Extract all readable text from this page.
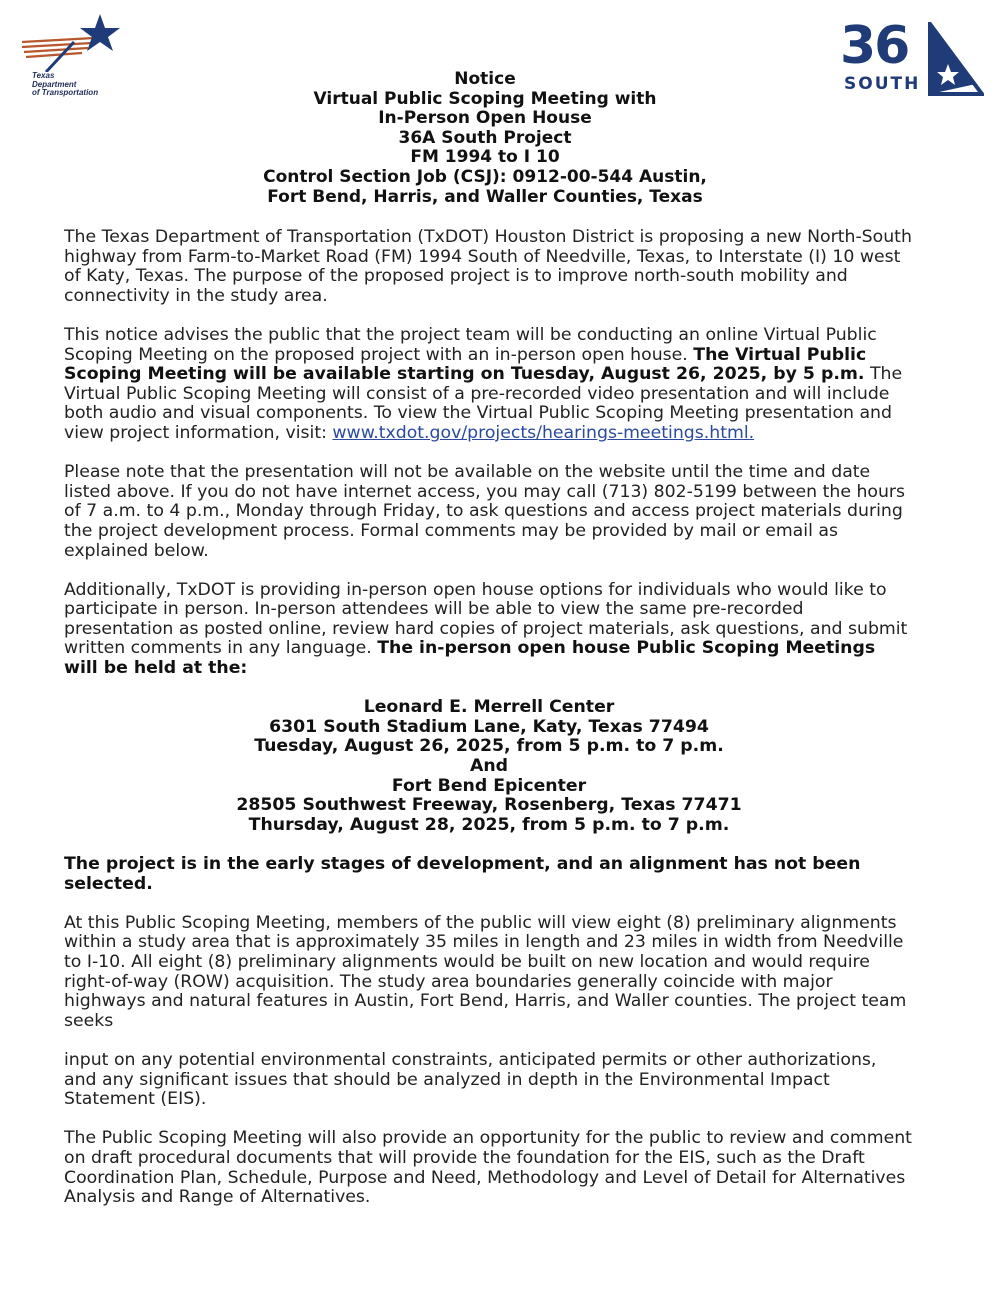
Texas
Department
of Transportation
36
SOUTH
Notice
Virtual Public Scoping Meeting with
In-Person Open House
36A South Project
FM 1994 to I 10
Control Section Job (CSJ): 0912-00-544 Austin,
Fort Bend, Harris, and Waller Counties, Texas

The Texas Department of Transportation (TxDOT) Houston District is proposing a new North-South highway from Farm-to-Market Road (FM) 1994 South of Needville, Texas, to Interstate (I) 10 west of Katy, Texas. The purpose of the proposed project is to improve north-south mobility and connectivity in the study area.

This notice advises the public that the project team will be conducting an online Virtual Public Scoping Meeting on the proposed project with an in-person open house. The Virtual Public Scoping Meeting will be available starting on Tuesday, August 26, 2025, by 5 p.m. The Virtual Public Scoping Meeting will consist of a pre-recorded video presentation and will include both audio and visual components. To view the Virtual Public Scoping Meeting presentation and view project information, visit: www.txdot.gov/projects/hearings-meetings.html.

Please note that the presentation will not be available on the website until the time and date listed above. If you do not have internet access, you may call (713) 802-5199 between the hours of 7 a.m. to 4 p.m., Monday through Friday, to ask questions and access project materials during the project development process. Formal comments may be provided by mail or email as explained below.

Additionally, TxDOT is providing in-person open house options for individuals who would like to participate in person. In-person attendees will be able to view the same pre-recorded presentation as posted online, review hard copies of project materials, ask questions, and submit written comments in any language. The in-person open house Public Scoping Meetings will be held at the:

Leonard E. Merrell Center
6301 South Stadium Lane, Katy, Texas 77494
Tuesday, August 26, 2025, from 5 p.m. to 7 p.m.
And
Fort Bend Epicenter
28505 Southwest Freeway, Rosenberg, Texas 77471
Thursday, August 28, 2025, from 5 p.m. to 7 p.m.

The project is in the early stages of development, and an alignment has not been selected.

At this Public Scoping Meeting, members of the public will view eight (8) preliminary alignments within a study area that is approximately 35 miles in length and 23 miles in width from Needville to I-10. All eight (8) preliminary alignments would be built on new location and would require right-of-way (ROW) acquisition. The study area boundaries generally coincide with major highways and natural features in Austin, Fort Bend, Harris, and Waller counties. The project team seeks

input on any potential environmental constraints, anticipated permits or other authorizations, and any significant issues that should be analyzed in depth in the Environmental Impact Statement (EIS).

The Public Scoping Meeting will also provide an opportunity for the public to review and comment on draft procedural documents that will provide the foundation for the EIS, such as the Draft Coordination Plan, Schedule, Purpose and Need, Methodology and Level of Detail for Alternatives Analysis and Range of Alternatives.
